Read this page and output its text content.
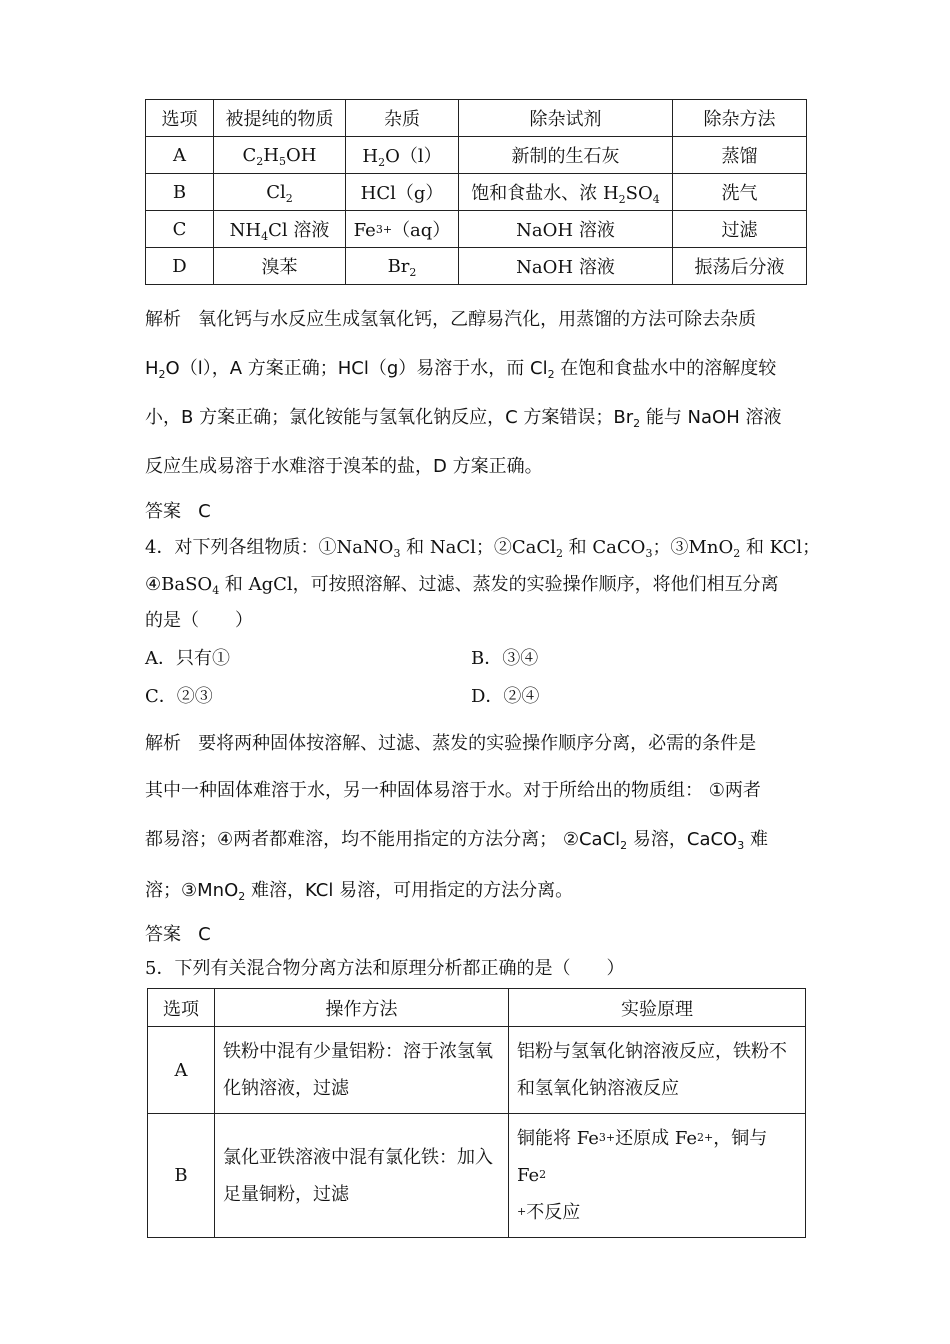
选项	被提纯的物质	杂质	除杂试剂	除杂方法
A	$C_2H_5OH$	$H_2O(l)$	新制的生石灰	蒸馏
B	$Cl_2$	HCl（g）	饱和食盐水、浓 $H_2SO_4$	洗气
C	$NH_4Cl$ 溶液	$Fe^{3+}(aq)$	NaOH 溶液	过滤
D	溴苯	$Br_2$	NaOH 溶液	振荡后分液
解析 氧化钙与水反应生成氢氧化钙，乙醇易汽化，用蒸馏的方法可除去杂质
$H_2O(l)$，A 方案正确；HCl（g）易溶于水，而 $Cl_2$ 在饱和食盐水中的溶解度较
小，B 方案正确；氯化铵能与氢氧化钠反应，C 方案错误；$Br_2$ 能与 NaOH 溶液
反应生成易溶于水难溶于溴苯的盐，D 方案正确。
答案 C
4．对下列各组物质：①NaNO$_3$ 和 NaCl；②CaCl$_2$ 和 CaCO$_3$；③MnO$_2$ 和 KCl；
④BaSO$_4$ 和 AgCl，可按照溶解、过滤、蒸发的实验操作顺序，将他们相互分离
的是（　　）
A．只有①	B．③④
C．②③	D．②④
解析 要将两种固体按溶解、过滤、蒸发的实验操作顺序分离，必需的条件是
其中一种固体难溶于水，另一种固体易溶于水。对于所给出的物质组： ①两者
都易溶；④两者都难溶，均不能用指定的方法分离； ②CaCl$_2$ 易溶，CaCO$_3$ 难
溶；③MnO$_2$ 难溶，KCl 易溶，可用指定的方法分离。
答案 C
5．下列有关混合物分离方法和原理分析都正确的是（　　）
选项	操作方法	实验原理
A	铁粉中混有少量铝粉：溶于浓氢氧化钠溶液，过滤	铝粉与氢氧化钠溶液反应，铁粉不和氢氧化钠溶液反应
B	氯化亚铁溶液中混有氯化铁：加入足量铜粉，过滤	铜能将 $Fe^{3+}$还原成 $Fe^{2+}$，铜与 Fe$^2$
+不反应
